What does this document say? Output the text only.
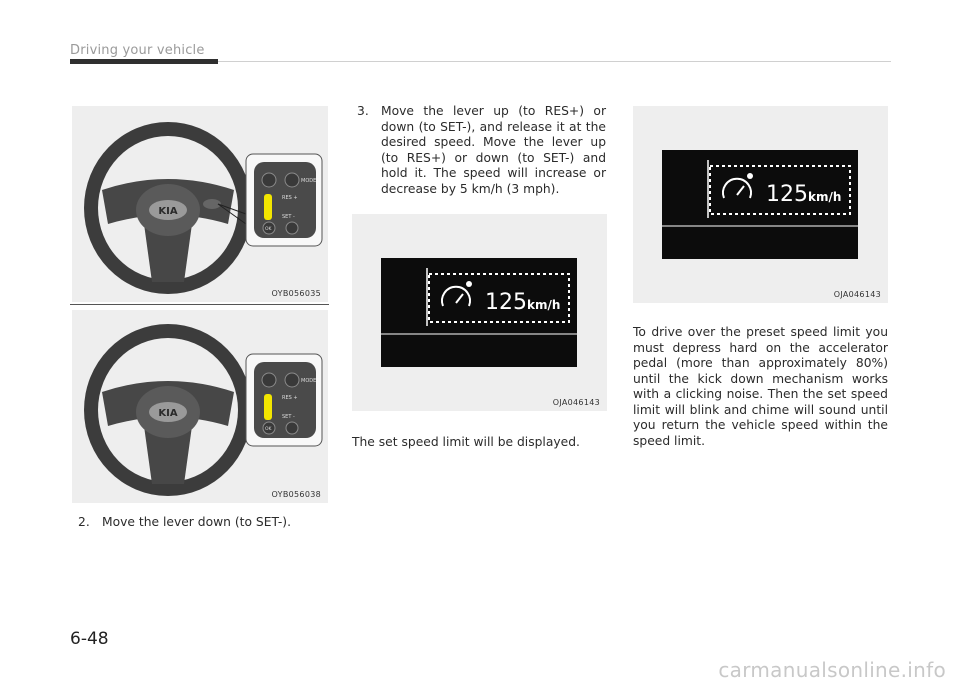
Driving your vehicle
KIA
MODE
RES +
SET -
OK
OYB056035
KIA
MODE
RES +
SET -
OK
OYB056038
2. Move the lever down (to SET-).
3. Move the lever up (to RES+) or down (to SET-), and release it at the desired speed. Move the lever up (to RES+) or down (to SET-) and hold it. The speed will increase or decrease by 5 km/h (3 mph).
125 km/h
OJA046143
The set speed limit will be displayed.
125 km/h
OJA046143
To drive over the preset speed limit you must depress hard on the accelerator pedal (more than approximately 80%) until the kick down mechanism works with a clicking noise. Then the set speed limit will blink and chime will sound until you return the vehicle speed within the speed limit.
6-48
carmanualsonline.info
